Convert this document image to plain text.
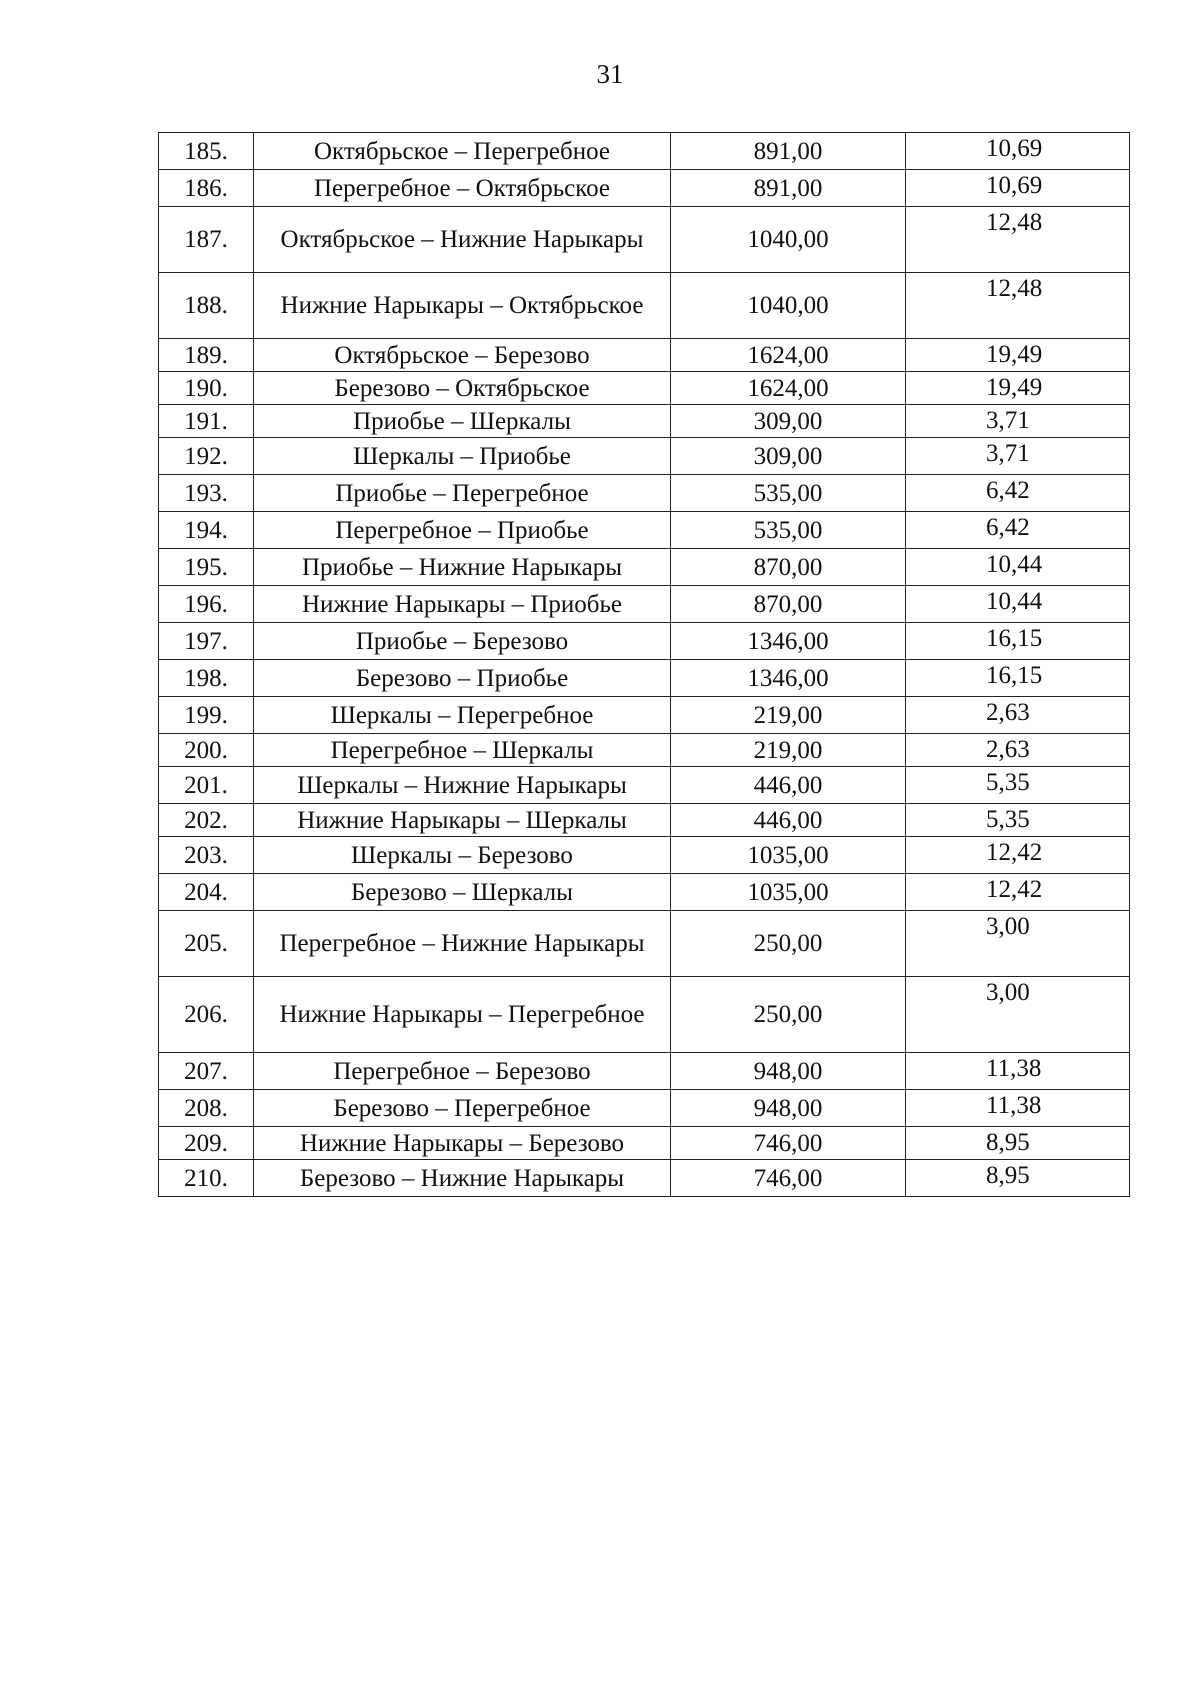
31
185.	Октябрьское – Перегребное	891,00	10,69
186.	Перегребное – Октябрьское	891,00	10,69
187.	Октябрьское – Нижние Нарыкары	1040,00	12,48
188.	Нижние Нарыкары – Октябрьское	1040,00	12,48
189.	Октябрьское – Березово	1624,00	19,49
190.	Березово – Октябрьское	1624,00	19,49
191.	Приобье – Шеркалы	309,00	3,71
192.	Шеркалы – Приобье	309,00	3,71
193.	Приобье – Перегребное	535,00	6,42
194.	Перегребное – Приобье	535,00	6,42
195.	Приобье – Нижние Нарыкары	870,00	10,44
196.	Нижние Нарыкары – Приобье	870,00	10,44
197.	Приобье – Березово	1346,00	16,15
198.	Березово – Приобье	1346,00	16,15
199.	Шеркалы – Перегребное	219,00	2,63
200.	Перегребное – Шеркалы	219,00	2,63
201.	Шеркалы – Нижние Нарыкары	446,00	5,35
202.	Нижние Нарыкары – Шеркалы	446,00	5,35
203.	Шеркалы – Березово	1035,00	12,42
204.	Березово – Шеркалы	1035,00	12,42
205.	Перегребное – Нижние Нарыкары	250,00	3,00
206.	Нижние Нарыкары – Перегребное	250,00	3,00
207.	Перегребное – Березово	948,00	11,38
208.	Березово – Перегребное	948,00	11,38
209.	Нижние Нарыкары – Березово	746,00	8,95
210.	Березово – Нижние Нарыкары	746,00	8,95
